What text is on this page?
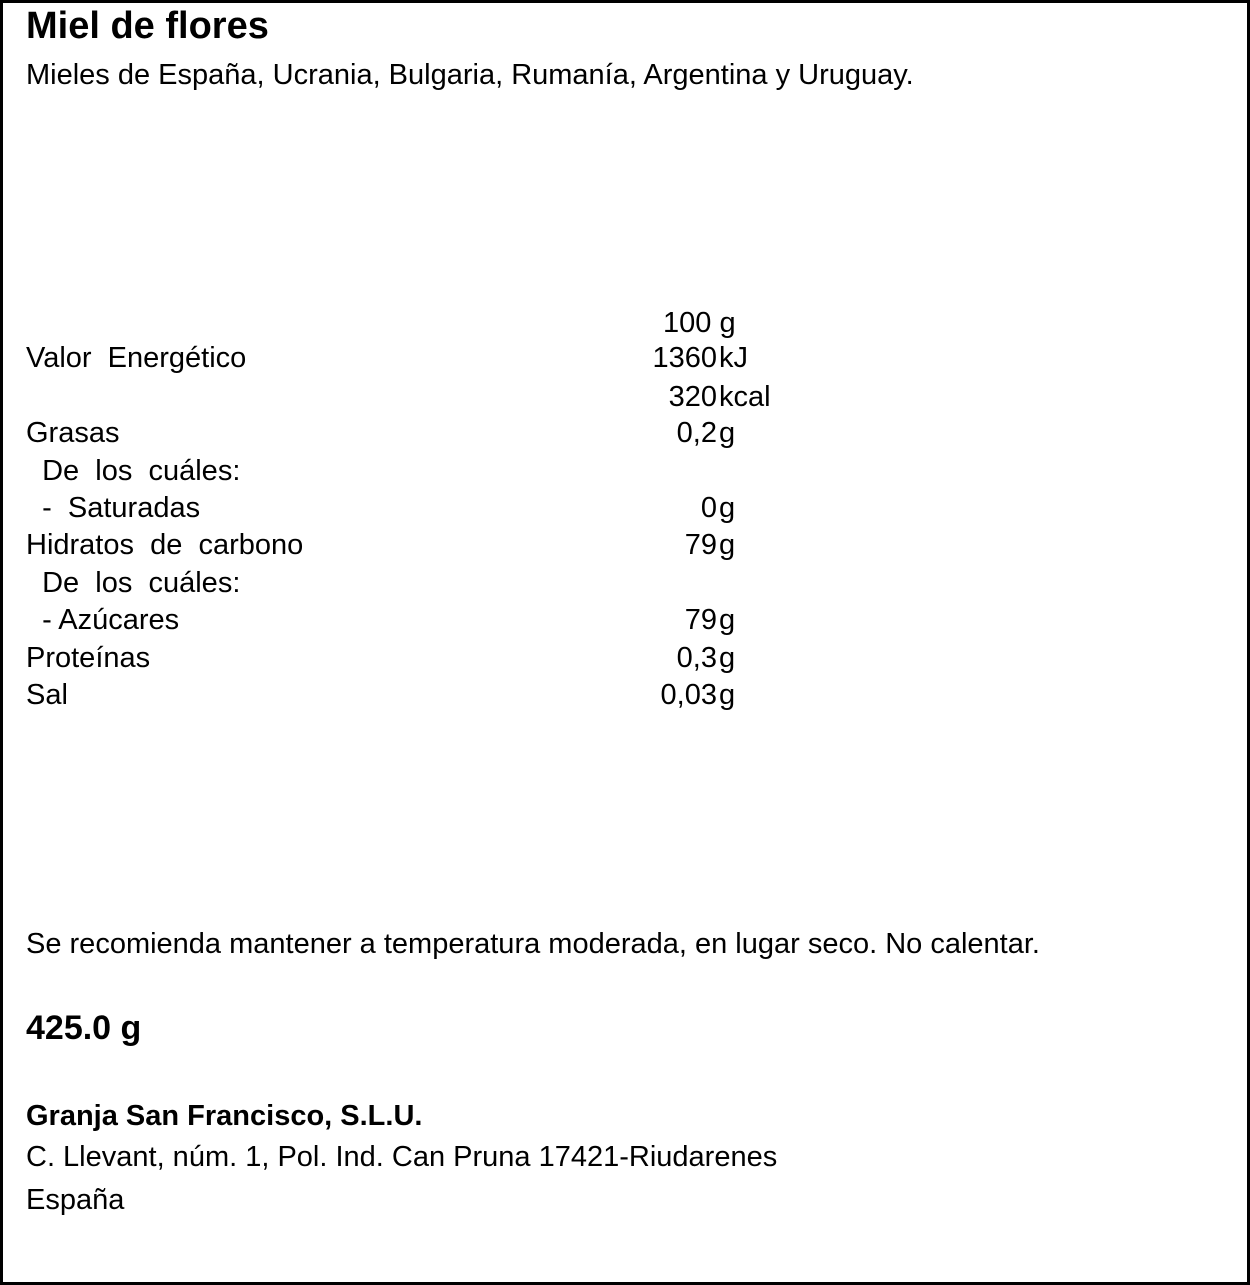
Miel de flores
Mieles de España, Ucrania, Bulgaria, Rumanía, Argentina y Uruguay.
100 g
Valor  Energético	1360 kJ
320 kcal
Grasas	0,2 g
De  los  cuáles:
-  Saturadas	0 g
Hidratos  de  carbono	79 g
De  los  cuáles:
- Azúcares	79 g
Proteínas	0,3 g
Sal	0,03 g
Se recomienda mantener a temperatura moderada, en lugar seco. No calentar.
425.0 g
Granja San Francisco, S.L.U.
C. Llevant, núm. 1, Pol. Ind. Can Pruna 17421-Riudarenes
España
